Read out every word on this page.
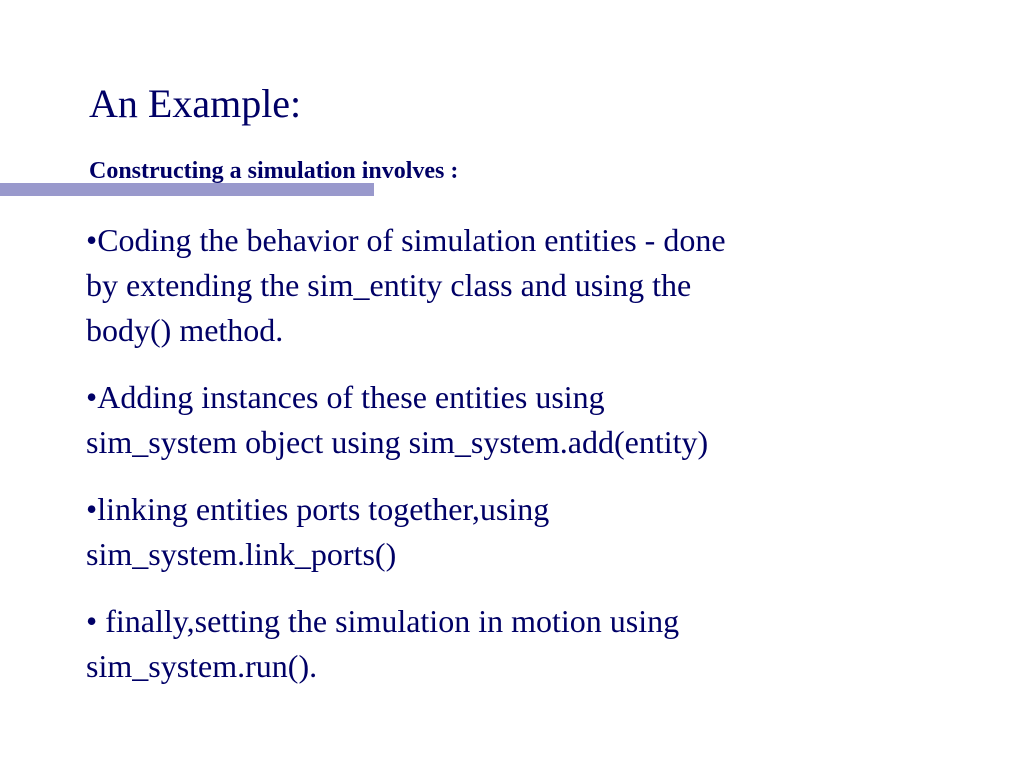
An Example:
Constructing a simulation involves :
•Coding the behavior of simulation entities - done
by extending the sim_entity class and using the
body() method.
•Adding instances of these entities using
sim_system object using sim_system.add(entity)
•linking entities ports together,using
sim_system.link_ports()
• finally,setting the simulation in motion using
sim_system.run().
